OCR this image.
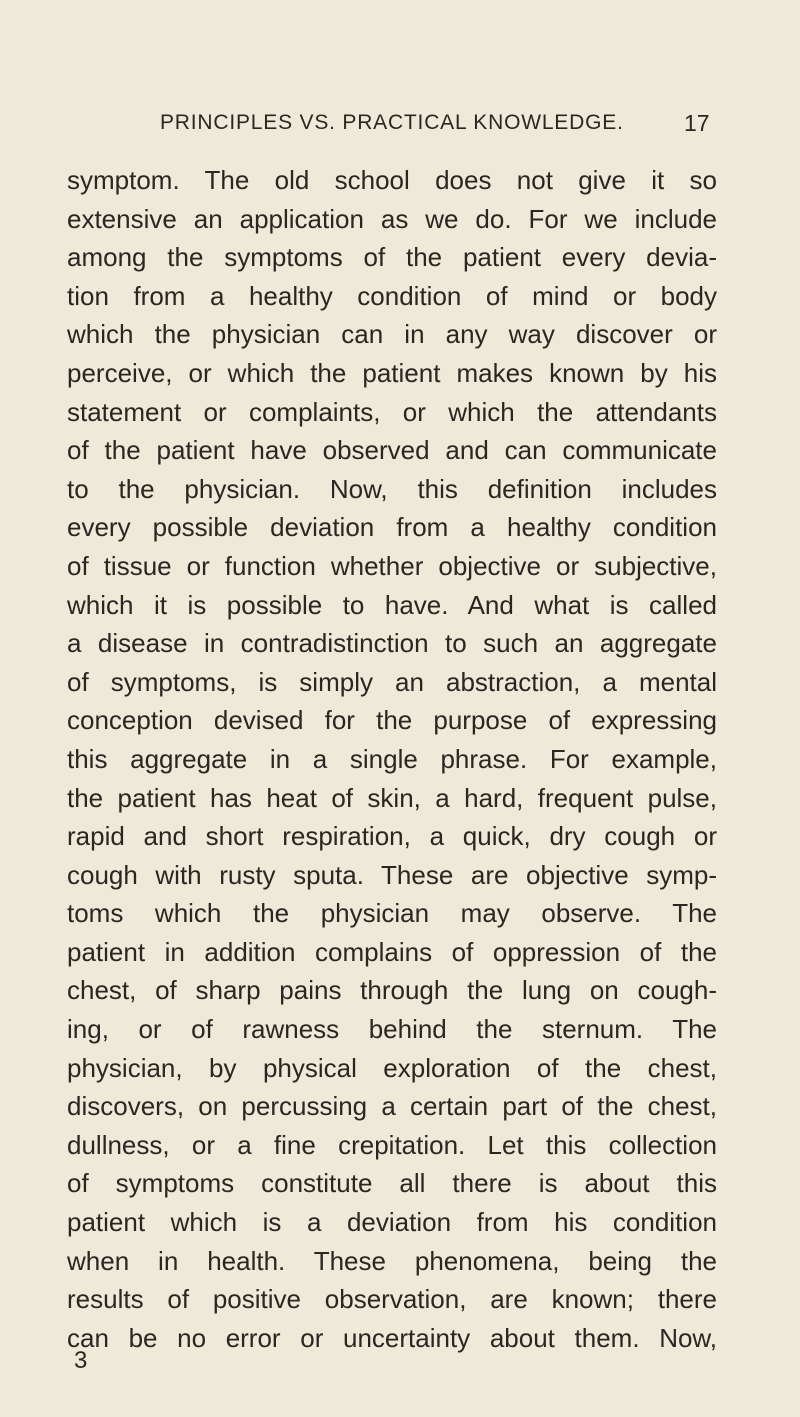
PRINCIPLES VS. PRACTICAL KNOWLEDGE.	17
symptom. The old school does not give it so
extensive an application as we do. For we include
among the symptoms of the patient every devia-
tion from a healthy condition of mind or body
which the physician can in any way discover or
perceive, or which the patient makes known by his
statement or complaints, or which the attendants
of the patient have observed and can communicate
to the physician. Now, this definition includes
every possible deviation from a healthy condition
of tissue or function whether objective or subjective,
which it is possible to have. And what is called
a disease in contradistinction to such an aggregate
of symptoms, is simply an abstraction, a mental
conception devised for the purpose of expressing
this aggregate in a single phrase. For example,
the patient has heat of skin, a hard, frequent pulse,
rapid and short respiration, a quick, dry cough or
cough with rusty sputa. These are objective symp-
toms which the physician may observe. The
patient in addition complains of oppression of the
chest, of sharp pains through the lung on cough-
ing, or of rawness behind the sternum. The
physician, by physical exploration of the chest,
discovers, on percussing a certain part of the chest,
dullness, or a fine crepitation. Let this collection
of symptoms constitute all there is about this
patient which is a deviation from his condition
when in health. These phenomena, being the
results of positive observation, are known; there
can be no error or uncertainty about them. Now,
3
